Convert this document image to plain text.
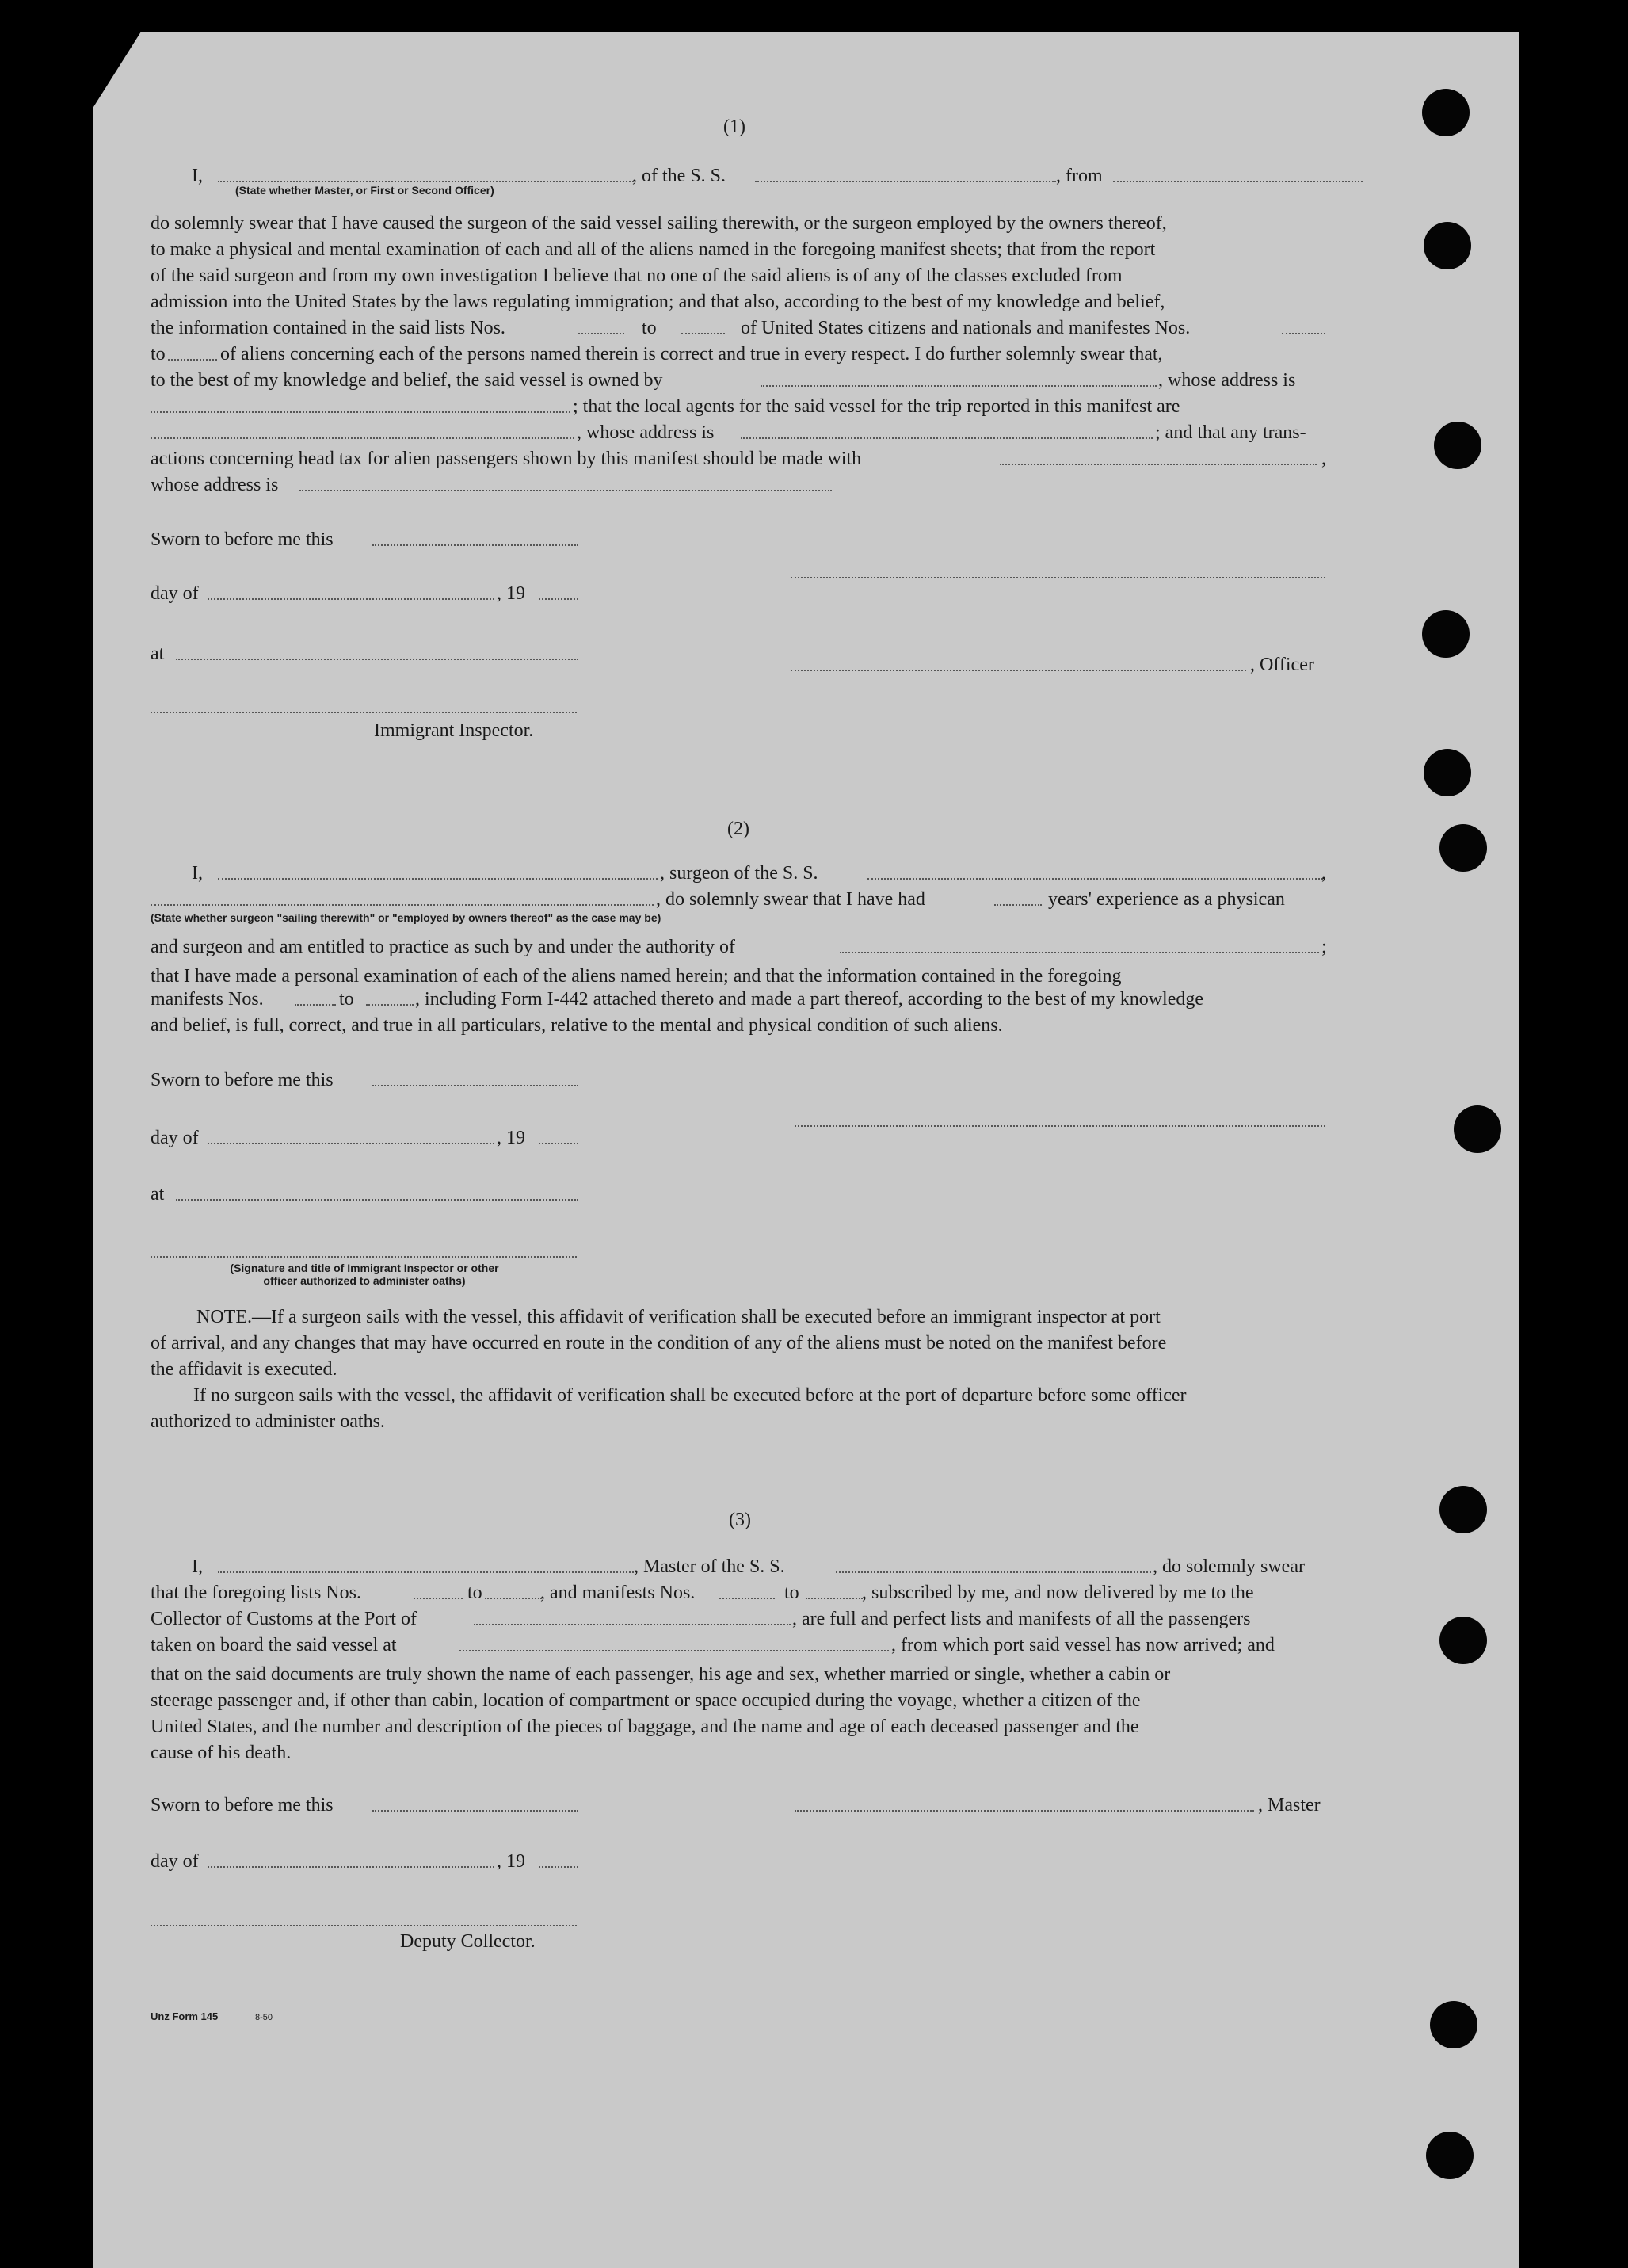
(1)
I,	, of the S. S.	, from
(State whether Master, or First or Second Officer)
do solemnly swear that I have caused the surgeon of the said vessel sailing therewith, or the surgeon employed by the owners thereof,
to make a physical and mental examination of each and all of the aliens named in the foregoing manifest sheets; that from the report
of the said surgeon and from my own investigation I believe that no one of the said aliens is of any of the classes excluded from
admission into the United States by the laws regulating immigration; and that also, according to the best of my knowledge and belief,
the information contained in the said lists Nos.	to	of United States citizens and nationals and manifestes Nos.
to	of aliens concerning each of the persons named therein is correct and true in every respect. I do further solemnly swear that,
to the best of my knowledge and belief, the said vessel is owned by	, whose address is
; that the local agents for the said vessel for the trip reported in this manifest are
, whose address is	; and that any trans-
actions concerning head tax for alien passengers shown by this manifest should be made with	,
whose address is
Sworn to before me this
day of	, 19
at
, Officer
Immigrant Inspector.
(2)
I,	, surgeon of the S. S.	,
, do solemnly swear that I have had	years' experience as a physican
(State whether surgeon "sailing therewith" or "employed by owners thereof" as the case may be)
and surgeon and am entitled to practice as such by and under the authority of	;
that I have made a personal examination of each of the aliens named herein; and that the information contained in the foregoing
manifests Nos.	to	, including Form I-442 attached thereto and made a part thereof, according to the best of my knowledge
and belief, is full, correct, and true in all particulars, relative to the mental and physical condition of such aliens.
Sworn to before me this
day of	, 19
at
(Signature and title of Immigrant Inspector or other
officer authorized to administer oaths)
NOTE.—If a surgeon sails with the vessel, this affidavit of verification shall be executed before an immigrant inspector at port
of arrival, and any changes that may have occurred en route in the condition of any of the aliens must be noted on the manifest before
the affidavit is executed.
If no surgeon sails with the vessel, the affidavit of verification shall be executed before at the port of departure before some officer
authorized to administer oaths.
(3)
I,	, Master of the S. S.	, do solemnly swear
that the foregoing lists Nos.	to	, and manifests Nos.	to	, subscribed by me, and now delivered by me to the
Collector of Customs at the Port of	, are full and perfect lists and manifests of all the passengers
taken on board the said vessel at	, from which port said vessel has now arrived; and
that on the said documents are truly shown the name of each passenger, his age and sex, whether married or single, whether a cabin or
steerage passenger and, if other than cabin, location of compartment or space occupied during the voyage, whether a citizen of the
United States, and the number and description of the pieces of baggage, and the name and age of each deceased passenger and the
cause of his death.
Sworn to before me this	, Master
day of	, 19
Deputy Collector.
Unz Form 145	8-50
